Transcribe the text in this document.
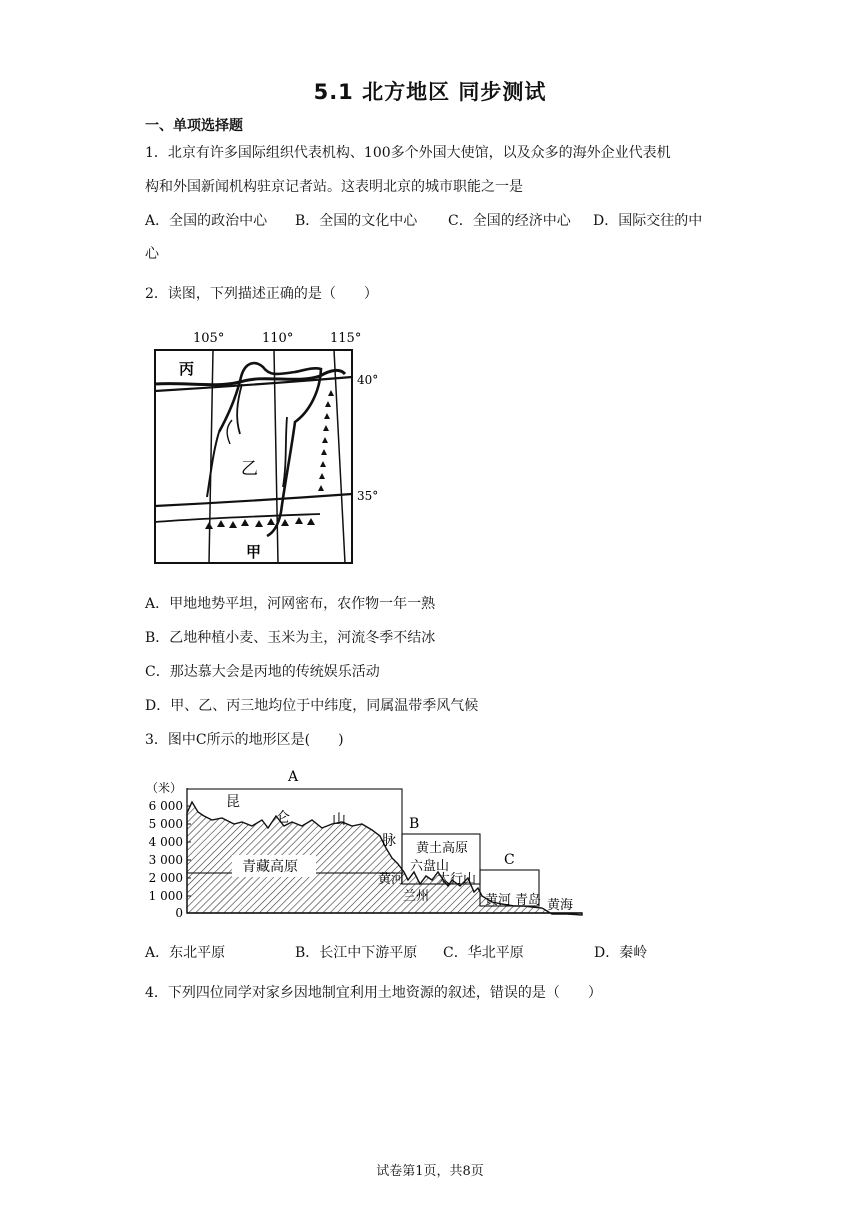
5.1 北方地区 同步测试
一、单项选择题
1．北京有许多国际组织代表机构、100多个外国大使馆，以及众多的海外企业代表机
构和外国新闻机构驻京记者站。这表明北京的城市职能之一是
A．全国的政治中心 B．全国的文化中心 C．全国的经济中心 D．国际交往的中
心
2．读图，下列描述正确的是（　　）
105°	110°	115°
40°
35°
丙
乙
甲
A．甲地地势平坦，河网密布，农作物一年一熟
B．乙地种植小麦、玉米为主，河流冬季不结冰
C．那达慕大会是丙地的传统娱乐活动
D．甲、乙、丙三地均位于中纬度，同属温带季风气候
3．图中C所示的地形区是(　　)
（米）
6 000
5 000
4 000
3 000
2 000
1 000
0
A
B
C
昆
仑	山
脉
青藏高原
黄土高原
六盘山
太行山
黄河
兰州	黄河 青岛 黄海
A．东北平原	B．长江中下游平原 C．华北平原	D．秦岭
4．下列四位同学对家乡因地制宜利用土地资源的叙述，错误的是（　　）
试卷第1页，共8页
